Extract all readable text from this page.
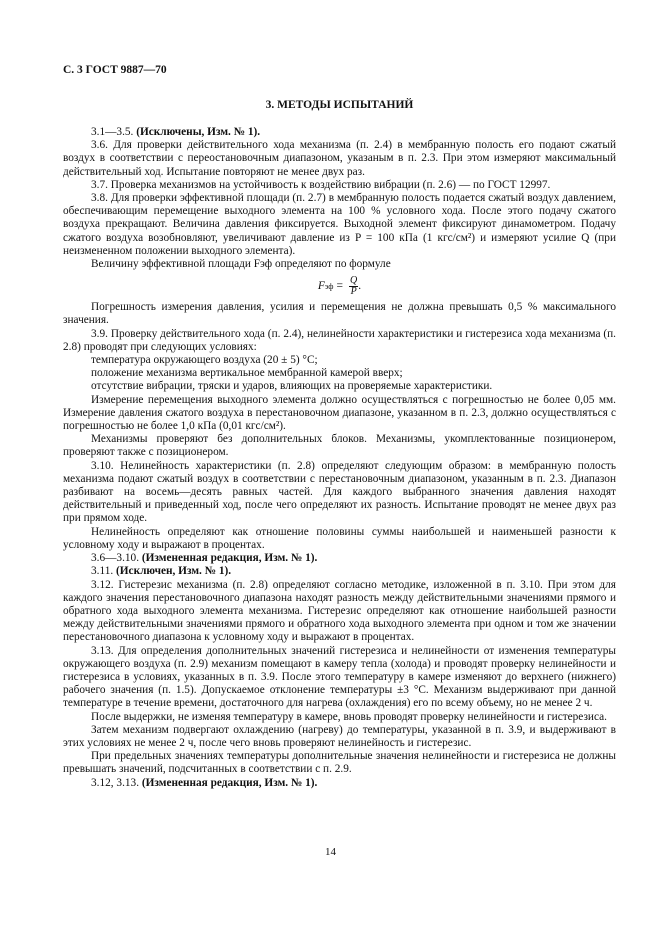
С. 3 ГОСТ 9887—70
3. МЕТОДЫ ИСПЫТАНИЙ

3.1—3.5. (Исключены, Изм. № 1).

3.6. Для проверки действительного хода механизма (п. 2.4) в мембранную полость его подают сжатый воздух в соответствии с переостановочным диапазоном, указаным в п. 2.3. При этом измеряют максимальный действительный ход. Испытание повторяют не менее двух раз.

3.7. Проверка механизмов на устойчивость к воздействию вибрации (п. 2.6) — по ГОСТ 12997.

3.8. Для проверки эффективной площади (п. 2.7) в мембранную полость подается сжатый воздух давлением, обеспечивающим перемещение выходного элемента на 100 % условного хода. После этого подачу сжатого воздуха прекращают. Величина давления фиксируется. Выходной элемент фиксируют динамометром. Подачу сжатого воздуха возобновляют, увеличивают давление из P = 100 кПа (1 кгс/см²) и измеряют усилие Q (при неизмененном положении выходного элемента).

Величину эффективной площади Fэф определяют по формуле

F эф = $\frac{Q}{P}$ .

Погрешность измерения давления, усилия и перемещения не должна превышать 0,5 % максимального значения.

3.9. Проверку действительного хода (п. 2.4), нелинейности характеристики и гистерезиса хода механизма (п. 2.8) проводят при следующих условиях:

температура окружающего воздуха (20 ± 5) °С;

положение механизма вертикальное мембранной камерой вверх;

отсутствие вибрации, тряски и ударов, влияющих на проверяемые характеристики.

Измерение перемещения выходного элемента должно осуществляться с погрешностью не более 0,05 мм. Измерение давления сжатого воздуха в перестановочном диапазоне, указанном в п. 2.3, должно осуществляться с погрешностью не более 1,0 кПа (0,01 кгс/см²).

Механизмы проверяют без дополнительных блоков. Механизмы, укомплектованные позиционером, проверяют также с позиционером.

3.10. Нелинейность характеристики (п. 2.8) определяют следующим образом: в мембранную полость механизма подают сжатый воздух в соответствии с перестановочным диапазоном, указанным в п. 2.3. Диапазон разбивают на восемь—десять равных частей. Для каждого выбранного значения давления находят действительный и приведенный ход, после чего определяют их разность. Испытание проводят не менее двух раз при прямом ходе.

Нелинейность определяют как отношение половины суммы наибольшей и наименьшей разности к условному ходу и выражают в процентах.

3.6—3.10. (Измененная редакция, Изм. № 1).

3.11. (Исключен, Изм. № 1).

3.12. Гистерезис механизма (п. 2.8) определяют согласно методике, изложенной в п. 3.10. При этом для каждого значения перестановочного диапазона находят разность между действительными значениями прямого и обратного хода выходного элемента механизма. Гистерезис определяют как отношение наибольшей разности между действительными значениями прямого и обратного хода выходного элемента при одном и том же значении перестановочного диапазона к условному ходу и выражают в процентах.

3.13. Для определения дополнительных значений гистерезиса и нелинейности от изменения температуры окружающего воздуха (п. 2.9) механизм помещают в камеру тепла (холода) и проводят проверку нелинейности и гистерезиса в условиях, указанных в п. 3.9. После этого температуру в камере изменяют до верхнего (нижнего) рабочего значения (п. 1.5). Допускаемое отклонение температуры ±3 °С. Механизм выдерживают при данной температуре в течение времени, достаточного для нагрева (охлаждения) его по всему объему, но не менее 2 ч.

После выдержки, не изменяя температуру в камере, вновь проводят проверку нелинейности и гистерезиса.

Затем механизм подвергают охлаждению (нагреву) до температуры, указанной в п. 3.9, и выдерживают в этих условиях не менее 2 ч, после чего вновь проверяют нелинейность и гистерезис.

При предельных значениях температуры дополнительные значения нелинейности и гистерезиса не должны превышать значений, подсчитанных в соответствии с п. 2.9.

3.12, 3.13. (Измененная редакция, Изм. № 1).

14
